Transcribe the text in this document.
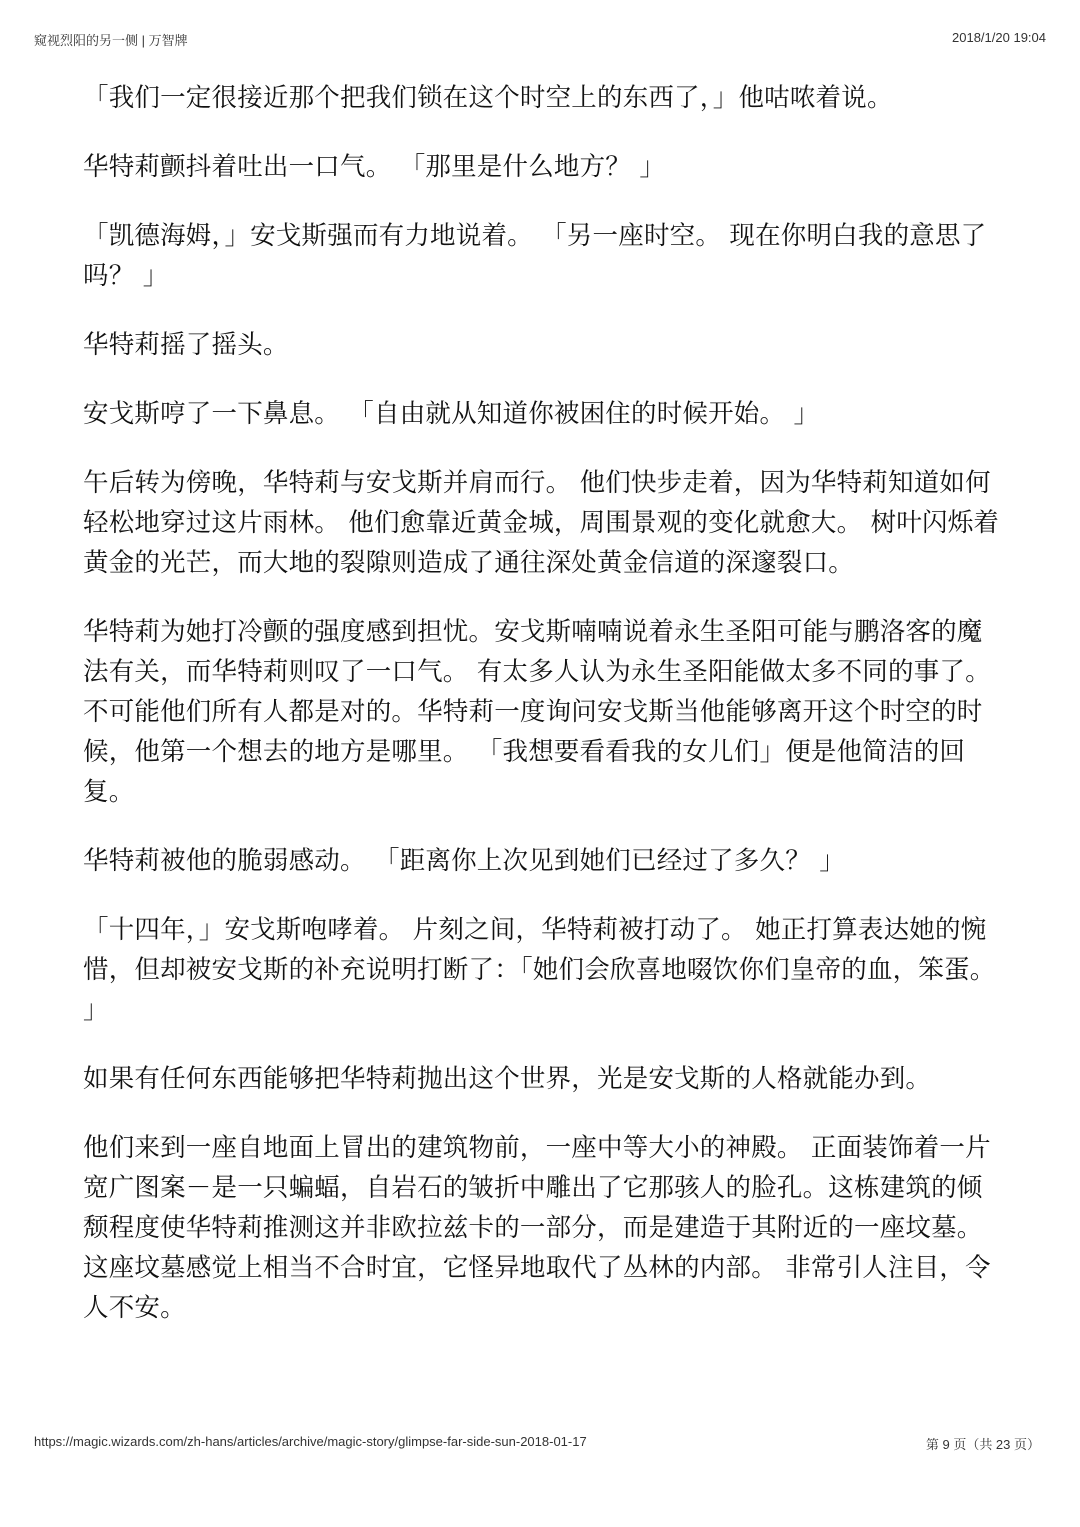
窥视烈阳的另一侧 | 万智牌	2018/1/20 19:04

「我们一定很接近那个把我们锁在这个时空上的东西了，」他咕哝着说。

华特莉颤抖着吐出一口气。 「那里是什么地方？ 」

「凯德海姆，」安戈斯强而有力地说着。 「另一座时空。 现在你明白我的意思了吗？ 」

华特莉摇了摇头。

安戈斯哼了一下鼻息。 「自由就从知道你被困住的时候开始。 」

午后转为傍晚，华特莉与安戈斯并肩而行。 他们快步走着，因为华特莉知道如何轻松地穿过这片雨林。 他们愈靠近黄金城，周围景观的变化就愈大。 树叶闪烁着黄金的光芒，而大地的裂隙则造成了通往深处黄金信道的深邃裂口。

华特莉为她打冷颤的强度感到担忧。安戈斯喃喃说着永生圣阳可能与鹏洛客的魔法有关，而华特莉则叹了一口气。 有太多人认为永生圣阳能做太多不同的事了。 不可能他们所有人都是对的。华特莉一度询问安戈斯当他能够离开这个时空的时候，他第一个想去的地方是哪里。 「我想要看看我的女儿们」便是他简洁的回复。

华特莉被他的脆弱感动。 「距离你上次见到她们已经过了多久？ 」

「十四年，」安戈斯咆哮着。 片刻之间，华特莉被打动了。 她正打算表达她的惋惜，但却被安戈斯的补充说明打断了：「她们会欣喜地啜饮你们皇帝的血，笨蛋。 」

如果有任何东西能够把华特莉抛出这个世界，光是安戈斯的人格就能办到。

他们来到一座自地面上冒出的建筑物前，一座中等大小的神殿。 正面装饰着一片宽广图案－是一只蝙蝠，自岩石的皱折中雕出了它那骇人的脸孔。这栋建筑的倾颓程度使华特莉推测这并非欧拉兹卡的一部分，而是建造于其附近的一座坟墓。 这座坟墓感觉上相当不合时宜，它怪异地取代了丛林的内部。 非常引人注目，令人不安。

https://magic.wizards.com/zh-hans/articles/archive/magic-story/glimpse-far-side-sun-2018-01-17	第 9 页（共 23 页）
